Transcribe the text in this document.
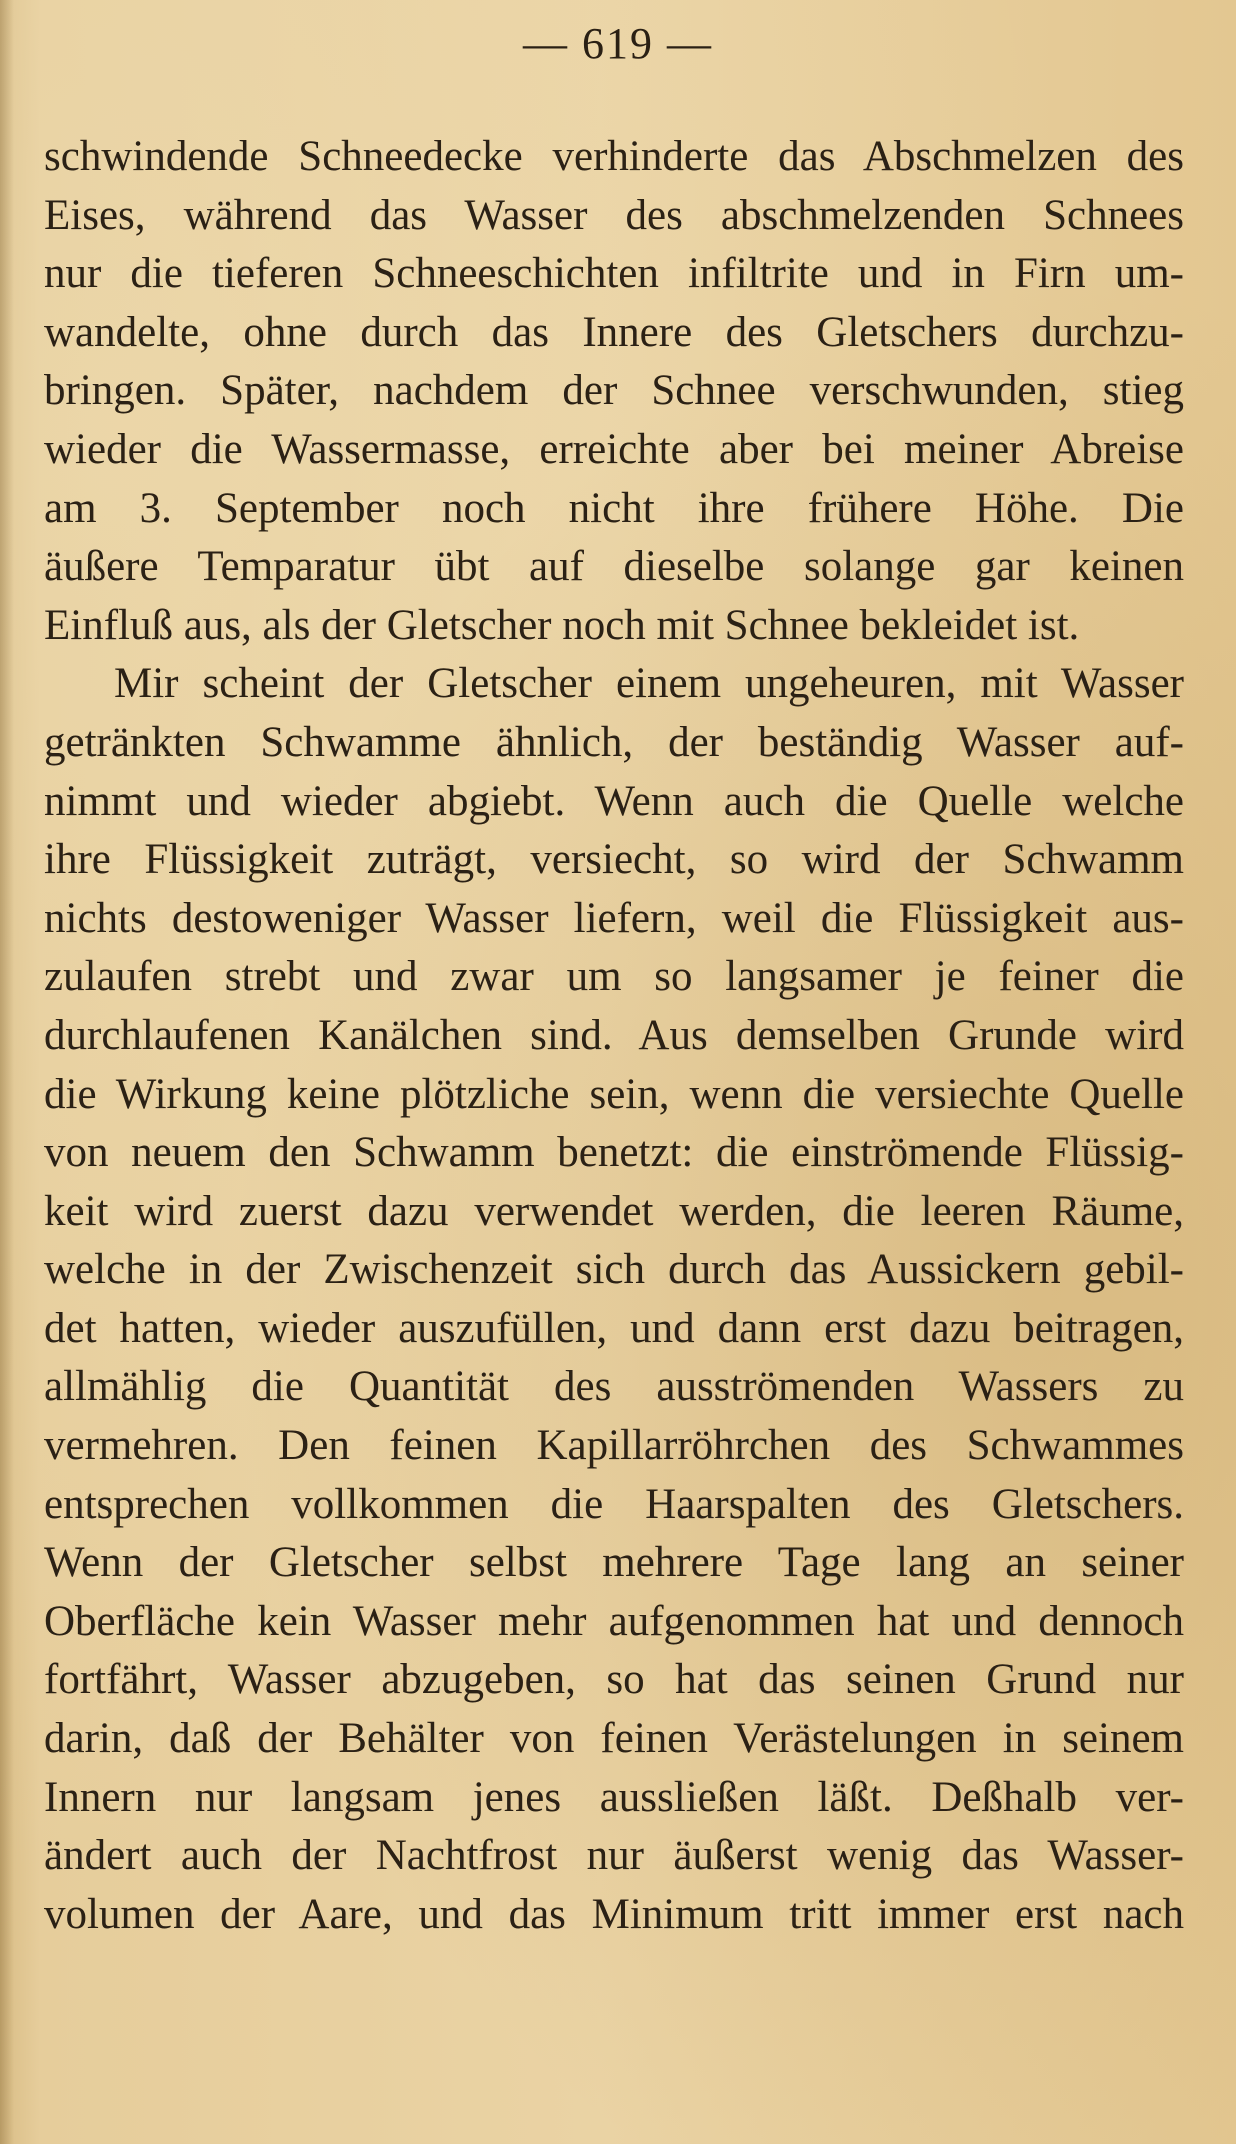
— 619 —
schwindende Schneedecke verhinderte das Abschmelzen des
Eises, während das Wasser des abschmelzenden Schnees
nur die tieferen Schneeschichten infiltrite und in Firn um-
wandelte, ohne durch das Innere des Gletschers durchzu-
bringen. Später, nachdem der Schnee verschwunden, stieg
wieder die Wassermasse, erreichte aber bei meiner Abreise
am 3. September noch nicht ihre frühere Höhe. Die
äußere Temparatur übt auf dieselbe solange gar keinen
Einfluß aus, als der Gletscher noch mit Schnee bekleidet ist.
Mir scheint der Gletscher einem ungeheuren, mit Wasser
getränkten Schwamme ähnlich, der beständig Wasser auf-
nimmt und wieder abgiebt. Wenn auch die Quelle welche
ihre Flüssigkeit zuträgt, versiecht, so wird der Schwamm
nichts destoweniger Wasser liefern, weil die Flüssigkeit aus-
zulaufen strebt und zwar um so langsamer je feiner die
durchlaufenen Kanälchen sind. Aus demselben Grunde wird
die Wirkung keine plötzliche sein, wenn die versiechte Quelle
von neuem den Schwamm benetzt: die einströmende Flüssig-
keit wird zuerst dazu verwendet werden, die leeren Räume,
welche in der Zwischenzeit sich durch das Aussickern gebil-
det hatten, wieder auszufüllen, und dann erst dazu beitragen,
allmählig die Quantität des ausströmenden Wassers zu
vermehren. Den feinen Kapillarröhrchen des Schwammes
entsprechen vollkommen die Haarspalten des Gletschers.
Wenn der Gletscher selbst mehrere Tage lang an seiner
Oberfläche kein Wasser mehr aufgenommen hat und dennoch
fortfährt, Wasser abzugeben, so hat das seinen Grund nur
darin, daß der Behälter von feinen Verästelungen in seinem
Innern nur langsam jenes aussließen läßt. Deßhalb ver-
ändert auch der Nachtfrost nur äußerst wenig das Wasser-
volumen der Aare, und das Minimum tritt immer erst nach
